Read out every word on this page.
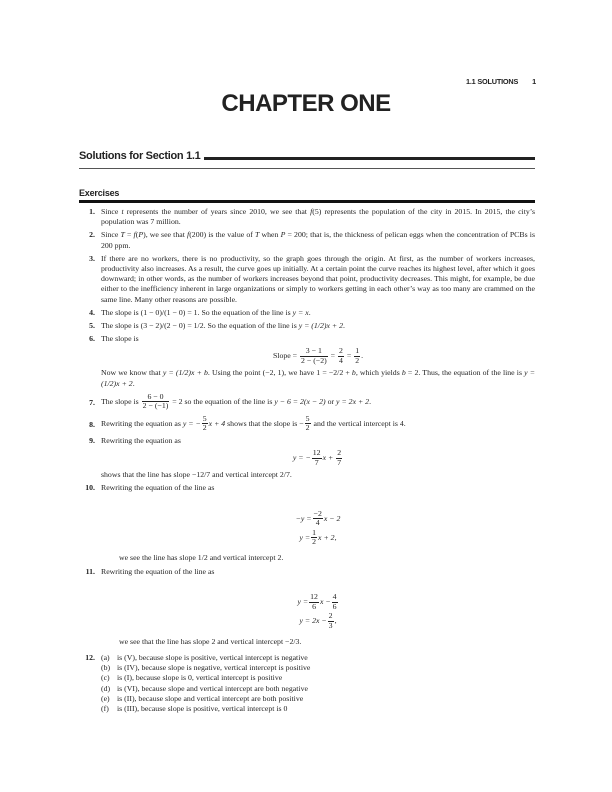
1.1 SOLUTIONS 1
CHAPTER ONE
Solutions for Section 1.1
Exercises
1. Since t represents the number of years since 2010, we see that f(5) represents the population of the city in 2015. In 2015, the city’s population was 7 million.
2. Since T = f(P), we see that f(200) is the value of T when P = 200; that is, the thickness of pelican eggs when the concentration of PCBs is 200 ppm.
3. If there are no workers, there is no productivity, so the graph goes through the origin. At first, as the number of workers increases, productivity also increases. As a result, the curve goes up initially. At a certain point the curve reaches its highest level, after which it goes downward; in other words, as the number of workers increases beyond that point, productivity decreases. This might, for example, be due either to the inefficiency inherent in large organizations or simply to workers getting in each other’s way as too many are crammed on the same line. Many other reasons are possible.
4. The slope is (1 − 0)/(1 − 0) = 1. So the equation of the line is y = x.
5. The slope is (3 − 2)/(2 − 0) = 1/2. So the equation of the line is y = (1/2)x + 2.
6. The slope is
Slope = $\frac{3 - 1}{2 - (-2)} = \frac{2}{4} = \frac{1}{2}$ .
Now we know that y = (1/2)x + b. Using the point (−2, 1), we have 1 = −2/2 + b, which yields b = 2. Thus, the equation of the line is y = (1/2)x + 2.
7. The slope is $\frac{6 - 0}{2 - (-1)} = 2$ so the equation of the line is y − 6 = 2(x − 2) or y = 2x + 2.
8. Rewriting the equation as y = − $\frac{5}{2}$ x + 4 shows that the slope is − $\frac{5}{2}$ and the vertical intercept is 4.
9. Rewriting the equation as
y = − $\frac{12}{7}$ $x + \frac{2}{7}$
shows that the line has slope −12/7 and vertical intercept 2/7.
10. Rewriting the equation of the line as
$-y = \frac{-2}{4}$ x − 2
$y = \frac{1}{2}$ x + 2,
we see the line has slope 1/2 and vertical intercept 2.
11. Rewriting the equation of the line as
$y = \frac{12}{6}$ $x - \frac{4}{6}$
$y = 2x - \frac{2}{3}$ ,
we see that the line has slope 2 and vertical intercept −2/3.
12. (a) is (V), because slope is positive, vertical intercept is negative
(b) is (IV), because slope is negative, vertical intercept is positive
(c) is (I), because slope is 0, vertical intercept is positive
(d) is (VI), because slope and vertical intercept are both negative
(e) is (II), because slope and vertical intercept are both positive
(f) is (III), because slope is positive, vertical intercept is 0
